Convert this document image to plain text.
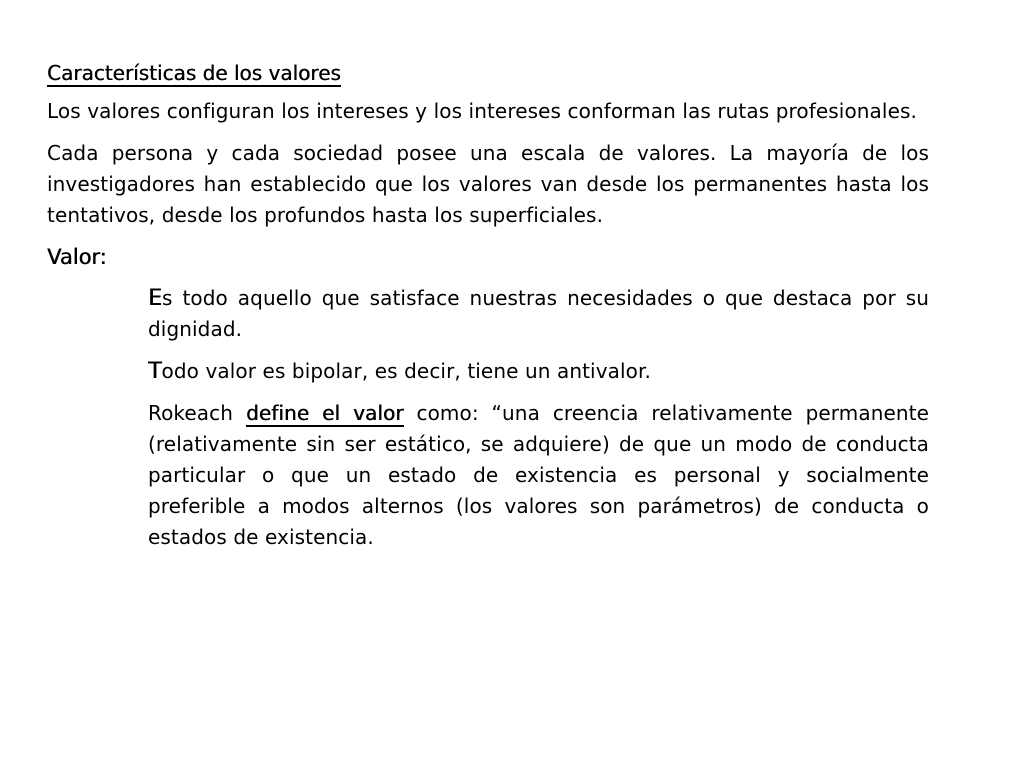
Características de los valores

Los valores configuran los intereses y los intereses conforman las rutas profesionales.

Cada persona y cada sociedad posee una escala de valores. La mayoría de los investigadores han establecido que los valores van desde los permanentes hasta los tentativos, desde los profundos hasta los superficiales.

Valor:

Es todo aquello que satisface nuestras necesidades o que destaca por su dignidad.

Todo valor es bipolar, es decir, tiene un antivalor.

Rokeach define el valor como: “una creencia relativamente permanente (relativamente sin ser estático, se adquiere) de que un modo de conducta particular o que un estado de existencia es personal y socialmente preferible a modos alternos (los valores son parámetros) de conducta o estados de existencia.
